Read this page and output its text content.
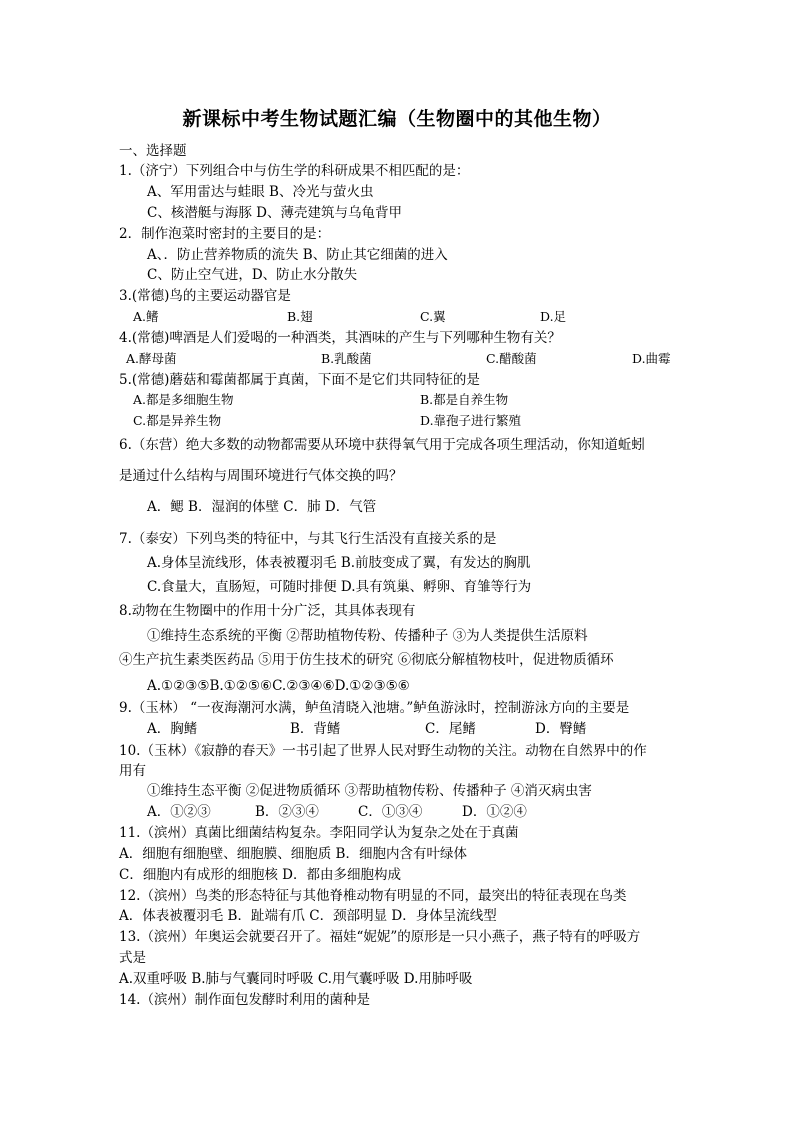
新课标中考生物试题汇编（生物圈中的其他生物）
一、选择题
1.（济宁）下列组合中与仿生学的科研成果不相匹配的是：
A、军用雷达与蛙眼 B、冷光与萤火虫
C、核潜艇与海豚 D、薄壳建筑与乌龟背甲
2．制作泡菜时密封的主要目的是：
A、．防止营养物质的流失 B、防止其它细菌的进入
C、防止空气进，D、防止水分散失
3.(常德)鸟的主要运动器官是
A.鳍	B.翅	C.翼	D.足
4.(常德)啤酒是人们爱喝的一种酒类，其酒味的产生与下列哪种生物有关？
A.酵母菌	B.乳酸菌	C.醋酸菌	D.曲霉
5.(常德)蘑菇和霉菌都属于真菌，下面不是它们共同特征的是
A.都是多细胞生物	B.都是自养生物
C.都是异养生物	D.靠孢子进行繁殖
6.（东营）绝大多数的动物都需要从环境中获得氧气用于完成各项生理活动，你知道蚯蚓
是通过什么结构与周围环境进行气体交换的吗？
A．鳃 B．湿润的体壁 C．肺 D．气管
7.（泰安）下列鸟类的特征中，与其飞行生活没有直接关系的是
A.身体呈流线形，体表被覆羽毛 B.前肢变成了翼，有发达的胸肌
C.食量大，直肠短，可随时排便 D.具有筑巢、孵卵、育雏等行为
8.动物在生物圈中的作用十分广泛，其具体表现有
①维持生态系统的平衡 ②帮助植物传粉、传播种子 ③为人类提供生活原料
④生产抗生素类医药品 ⑤用于仿生技术的研究 ⑥彻底分解植物枝叶，促进物质循环
A.①②③⑤B.①②⑤⑥C.②③④⑥D.①②③⑤⑥
9.（玉林） “一夜海潮河水满，鲈鱼清晓入池塘。”鲈鱼游泳时，控制游泳方向的主要是
A．胸鳍	B．背鳍	C．尾鳍	D．臀鳍
10.（玉林）《寂静的春天》一书引起了世界人民对野生动物的关注。动物在自然界中的作
用有
①维持生态平衡 ②促进物质循环 ③帮助植物传粉、传播种子 ④消灭病虫害
A．①②③	B．②③④	C．①③④	D．①②④
11.（滨州）真菌比细菌结构复杂。李阳同学认为复杂之处在于真菌
A．细胞有细胞壁、细胞膜、细胞质 B．细胞内含有叶绿体
C．细胞内有成形的细胞核 D．都由多细胞构成
12.（滨州）鸟类的形态特征与其他脊椎动物有明显的不同，最突出的特征表现在鸟类
A．体表被覆羽毛 B．趾端有爪 C．颈部明显 D．身体呈流线型
13.（滨州）年奥运会就要召开了。福娃“妮妮”的原形是一只小燕子，燕子特有的呼吸方
式是
A.双重呼吸 B.肺与气囊同时呼吸 C.用气囊呼吸 D.用肺呼吸
14.（滨州）制作面包发酵时利用的菌种是
